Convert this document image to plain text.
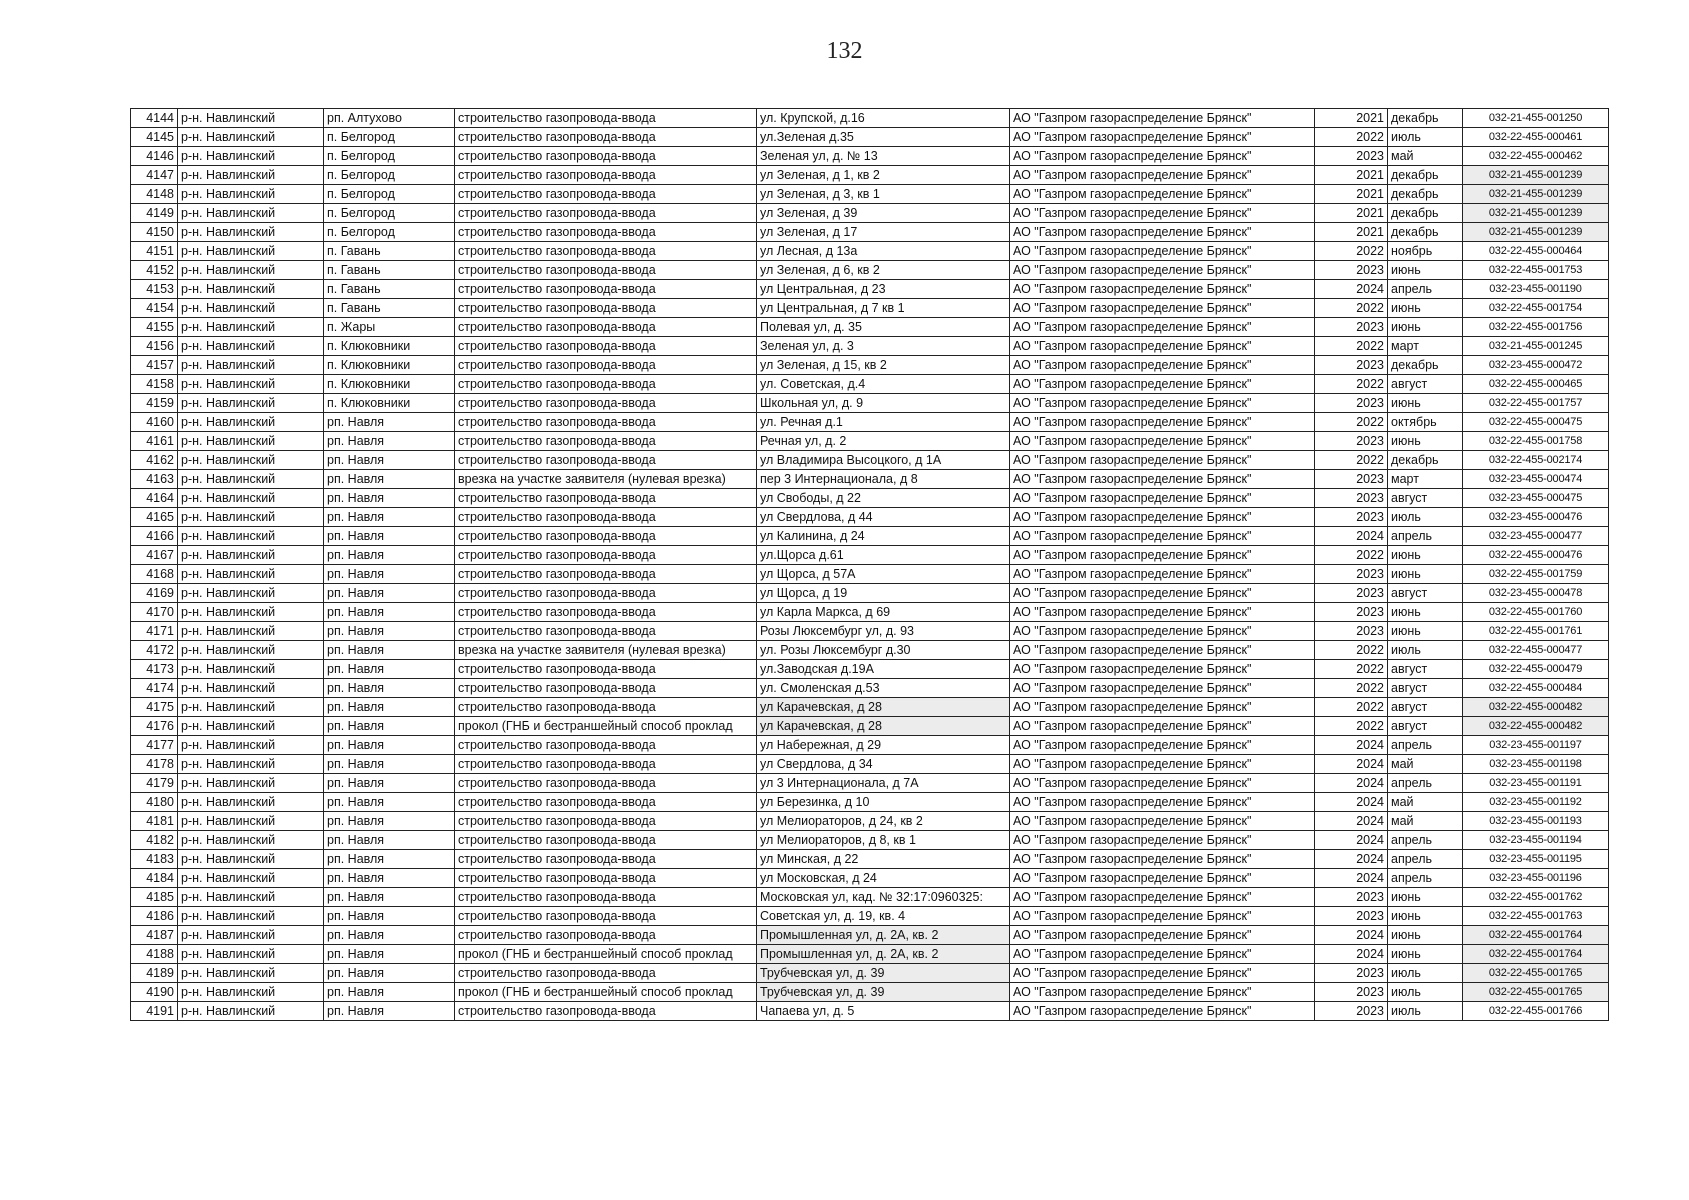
132
4144	р-н. Навлинский	рп. Алтухово	строительство газопровода-ввода	ул. Крупской, д.16	АО "Газпром газораспределение Брянск"	2021	декабрь	032-21-455-001250
4145	р-н. Навлинский	п. Белгород	строительство газопровода-ввода	ул.Зеленая д.35	АО "Газпром газораспределение Брянск"	2022	июль	032-22-455-000461
4146	р-н. Навлинский	п. Белгород	строительство газопровода-ввода	Зеленая ул, д. № 13	АО "Газпром газораспределение Брянск"	2023	май	032-22-455-000462
4147	р-н. Навлинский	п. Белгород	строительство газопровода-ввода	ул Зеленая, д 1, кв 2	АО "Газпром газораспределение Брянск"	2021	декабрь	032-21-455-001239
4148	р-н. Навлинский	п. Белгород	строительство газопровода-ввода	ул Зеленая, д 3, кв 1	АО "Газпром газораспределение Брянск"	2021	декабрь	032-21-455-001239
4149	р-н. Навлинский	п. Белгород	строительство газопровода-ввода	ул Зеленая, д 39	АО "Газпром газораспределение Брянск"	2021	декабрь	032-21-455-001239
4150	р-н. Навлинский	п. Белгород	строительство газопровода-ввода	ул Зеленая, д 17	АО "Газпром газораспределение Брянск"	2021	декабрь	032-21-455-001239
4151	р-н. Навлинский	п. Гавань	строительство газопровода-ввода	ул Лесная, д 13а	АО "Газпром газораспределение Брянск"	2022	ноябрь	032-22-455-000464
4152	р-н. Навлинский	п. Гавань	строительство газопровода-ввода	ул Зеленая, д 6, кв 2	АО "Газпром газораспределение Брянск"	2023	июнь	032-22-455-001753
4153	р-н. Навлинский	п. Гавань	строительство газопровода-ввода	ул Центральная, д 23	АО "Газпром газораспределение Брянск"	2024	апрель	032-23-455-001190
4154	р-н. Навлинский	п. Гавань	строительство газопровода-ввода	ул Центральная, д 7 кв 1	АО "Газпром газораспределение Брянск"	2022	июнь	032-22-455-001754
4155	р-н. Навлинский	п. Жары	строительство газопровода-ввода	Полевая ул, д. 35	АО "Газпром газораспределение Брянск"	2023	июнь	032-22-455-001756
4156	р-н. Навлинский	п. Клюковники	строительство газопровода-ввода	Зеленая ул, д. 3	АО "Газпром газораспределение Брянск"	2022	март	032-21-455-001245
4157	р-н. Навлинский	п. Клюковники	строительство газопровода-ввода	ул Зеленая, д 15, кв 2	АО "Газпром газораспределение Брянск"	2023	декабрь	032-23-455-000472
4158	р-н. Навлинский	п. Клюковники	строительство газопровода-ввода	ул. Советская, д.4	АО "Газпром газораспределение Брянск"	2022	август	032-22-455-000465
4159	р-н. Навлинский	п. Клюковники	строительство газопровода-ввода	Школьная ул, д. 9	АО "Газпром газораспределение Брянск"	2023	июнь	032-22-455-001757
4160	р-н. Навлинский	рп. Навля	строительство газопровода-ввода	ул. Речная д.1	АО "Газпром газораспределение Брянск"	2022	октябрь	032-22-455-000475
4161	р-н. Навлинский	рп. Навля	строительство газопровода-ввода	Речная ул, д. 2	АО "Газпром газораспределение Брянск"	2023	июнь	032-22-455-001758
4162	р-н. Навлинский	рп. Навля	строительство газопровода-ввода	ул Владимира Высоцкого, д 1А	АО "Газпром газораспределение Брянск"	2022	декабрь	032-22-455-002174
4163	р-н. Навлинский	рп. Навля	врезка на участке заявителя (нулевая врезка)	пер 3 Интернационала, д 8	АО "Газпром газораспределение Брянск"	2023	март	032-23-455-000474
4164	р-н. Навлинский	рп. Навля	строительство газопровода-ввода	ул Свободы, д 22	АО "Газпром газораспределение Брянск"	2023	август	032-23-455-000475
4165	р-н. Навлинский	рп. Навля	строительство газопровода-ввода	ул Свердлова, д 44	АО "Газпром газораспределение Брянск"	2023	июль	032-23-455-000476
4166	р-н. Навлинский	рп. Навля	строительство газопровода-ввода	ул Калинина, д 24	АО "Газпром газораспределение Брянск"	2024	апрель	032-23-455-000477
4167	р-н. Навлинский	рп. Навля	строительство газопровода-ввода	ул.Щорса д.61	АО "Газпром газораспределение Брянск"	2022	июнь	032-22-455-000476
4168	р-н. Навлинский	рп. Навля	строительство газопровода-ввода	ул Щорса, д 57А	АО "Газпром газораспределение Брянск"	2023	июнь	032-22-455-001759
4169	р-н. Навлинский	рп. Навля	строительство газопровода-ввода	ул Щорса, д 19	АО "Газпром газораспределение Брянск"	2023	август	032-23-455-000478
4170	р-н. Навлинский	рп. Навля	строительство газопровода-ввода	ул Карла Маркса, д 69	АО "Газпром газораспределение Брянск"	2023	июнь	032-22-455-001760
4171	р-н. Навлинский	рп. Навля	строительство газопровода-ввода	Розы Люксембург ул, д. 93	АО "Газпром газораспределение Брянск"	2023	июнь	032-22-455-001761
4172	р-н. Навлинский	рп. Навля	врезка на участке заявителя (нулевая врезка)	ул. Розы Люксембург д.30	АО "Газпром газораспределение Брянск"	2022	июль	032-22-455-000477
4173	р-н. Навлинский	рп. Навля	строительство газопровода-ввода	ул.Заводская д.19А	АО "Газпром газораспределение Брянск"	2022	август	032-22-455-000479
4174	р-н. Навлинский	рп. Навля	строительство газопровода-ввода	ул. Смоленская д.53	АО "Газпром газораспределение Брянск"	2022	август	032-22-455-000484
4175	р-н. Навлинский	рп. Навля	строительство газопровода-ввода	ул Карачевская, д 28	АО "Газпром газораспределение Брянск"	2022	август	032-22-455-000482
4176	р-н. Навлинский	рп. Навля	прокол (ГНБ и бестраншейный способ проклад	ул Карачевская, д 28	АО "Газпром газораспределение Брянск"	2022	август	032-22-455-000482
4177	р-н. Навлинский	рп. Навля	строительство газопровода-ввода	ул Набережная, д 29	АО "Газпром газораспределение Брянск"	2024	апрель	032-23-455-001197
4178	р-н. Навлинский	рп. Навля	строительство газопровода-ввода	ул Свердлова, д 34	АО "Газпром газораспределение Брянск"	2024	май	032-23-455-001198
4179	р-н. Навлинский	рп. Навля	строительство газопровода-ввода	ул 3 Интернационала, д 7А	АО "Газпром газораспределение Брянск"	2024	апрель	032-23-455-001191
4180	р-н. Навлинский	рп. Навля	строительство газопровода-ввода	ул Березинка, д 10	АО "Газпром газораспределение Брянск"	2024	май	032-23-455-001192
4181	р-н. Навлинский	рп. Навля	строительство газопровода-ввода	ул Мелиораторов, д 24, кв 2	АО "Газпром газораспределение Брянск"	2024	май	032-23-455-001193
4182	р-н. Навлинский	рп. Навля	строительство газопровода-ввода	ул Мелиораторов, д 8, кв 1	АО "Газпром газораспределение Брянск"	2024	апрель	032-23-455-001194
4183	р-н. Навлинский	рп. Навля	строительство газопровода-ввода	ул Минская, д 22	АО "Газпром газораспределение Брянск"	2024	апрель	032-23-455-001195
4184	р-н. Навлинский	рп. Навля	строительство газопровода-ввода	ул Московская, д 24	АО "Газпром газораспределение Брянск"	2024	апрель	032-23-455-001196
4185	р-н. Навлинский	рп. Навля	строительство газопровода-ввода	Московская ул, кад. № 32:17:0960325:	АО "Газпром газораспределение Брянск"	2023	июнь	032-22-455-001762
4186	р-н. Навлинский	рп. Навля	строительство газопровода-ввода	Советская ул, д. 19, кв. 4	АО "Газпром газораспределение Брянск"	2023	июнь	032-22-455-001763
4187	р-н. Навлинский	рп. Навля	строительство газопровода-ввода	Промышленная ул, д. 2А, кв. 2	АО "Газпром газораспределение Брянск"	2024	июнь	032-22-455-001764
4188	р-н. Навлинский	рп. Навля	прокол (ГНБ и бестраншейный способ проклад	Промышленная ул, д. 2А, кв. 2	АО "Газпром газораспределение Брянск"	2024	июнь	032-22-455-001764
4189	р-н. Навлинский	рп. Навля	строительство газопровода-ввода	Трубчевская ул, д. 39	АО "Газпром газораспределение Брянск"	2023	июль	032-22-455-001765
4190	р-н. Навлинский	рп. Навля	прокол (ГНБ и бестраншейный способ проклад	Трубчевская ул, д. 39	АО "Газпром газораспределение Брянск"	2023	июль	032-22-455-001765
4191	р-н. Навлинский	рп. Навля	строительство газопровода-ввода	Чапаева ул, д. 5	АО "Газпром газораспределение Брянск"	2023	июль	032-22-455-001766
